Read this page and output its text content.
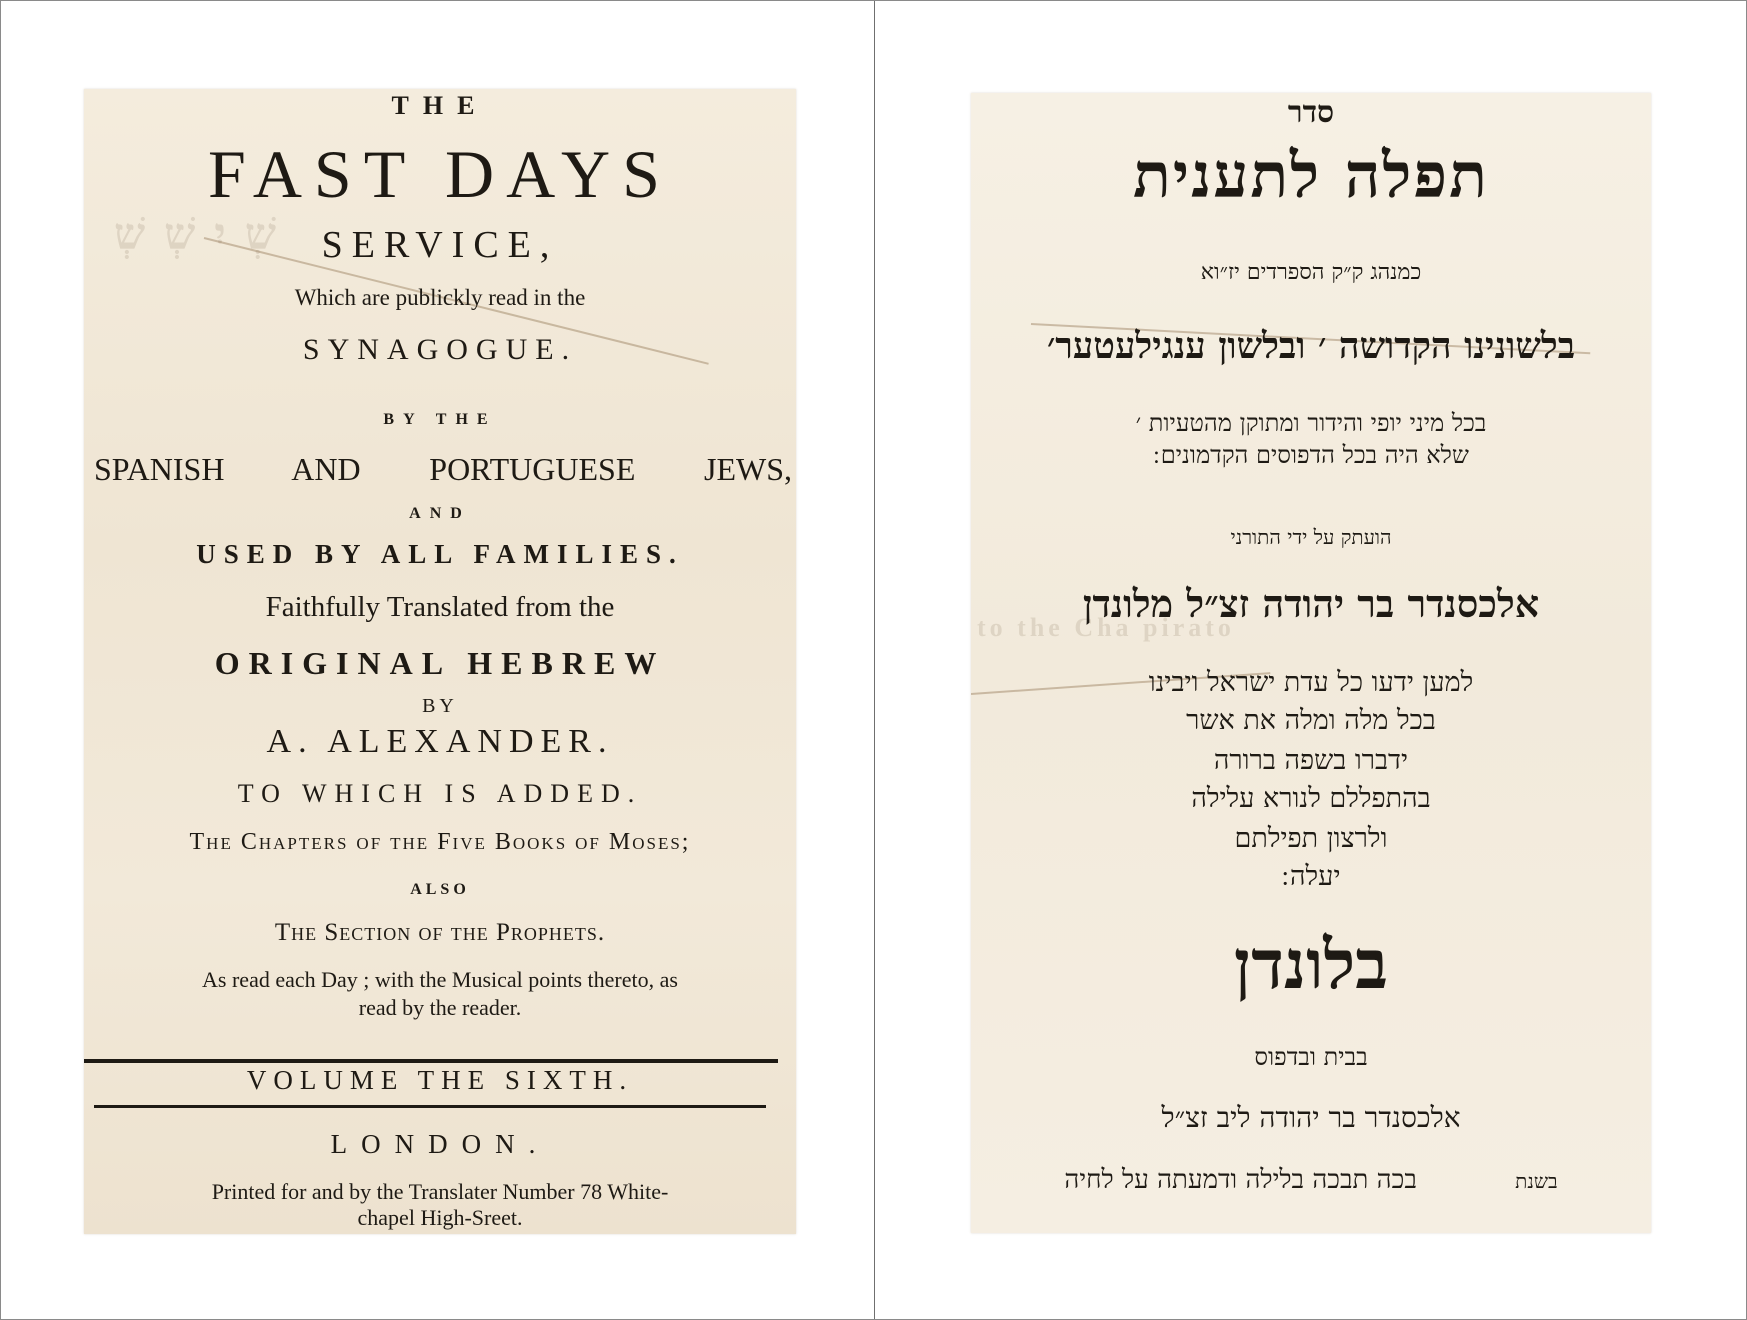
שְׁ יִ שְׁ שְׁ
THE
FAST DAYS
SERVICE,
Which are publickly read in the
SYNAGOGUE.
BY THE
SPANISH AND PORTUGUESE JEWS,
AND
USED BY ALL FAMILIES.
Faithfully Translated from the
ORIGINAL HEBREW
BY
A. ALEXANDER.
TO WHICH IS ADDED.
The Chapters of the Five Books of Moses;
ALSO
The Section of the Prophets.
As read each Day ; with the Musical points thereto, as
read by the reader.
VOLUME THE SIXTH.
LONDON.
Printed for and by the Translater Number 78 White-
chapel High-Sreet.
to the Cha pirato
סדר
תפלה לתענית
כמנהג ק״ק הספרדים יז״וא
בלשונינו הקדושה ׳ ובלשון ענגילעטער׳
בכל מיני יופי והידור ומתוקן מהטעיות ׳
שלא היה בכל הדפוסים הקדמונים ׃
הועתק על ידי התורני
אלכסנדר בר יהודה זצ״ל מלונדן
למען ידעו כל עדת ישראל ויבינו
בכל מלה ומלה את אשר
ידברו בשפה ברורה
בהתפללם לנורא עלילה
ולרצון תפילתם
יעלה ׃
בלונדן
בבית ובדפוס
אלכסנדר בר יהודה ליב זצ״ל
בשנת בכה תבכה בלילה ודמעתה על לחיה
